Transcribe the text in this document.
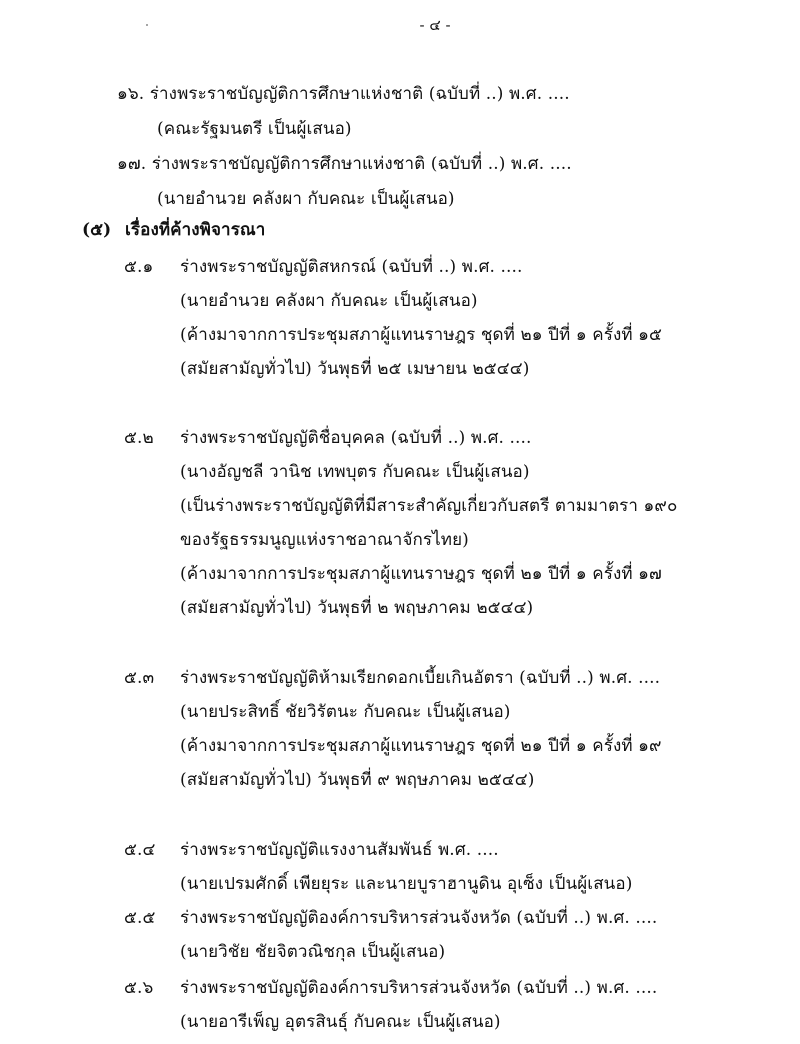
- ๔ -
๑๖. ร่างพระราชบัญญัติการศึกษาแห่งชาติ (ฉบับที่ ..) พ.ศ. ....
(คณะรัฐมนตรี เป็นผู้เสนอ)
๑๗. ร่างพระราชบัญญัติการศึกษาแห่งชาติ (ฉบับที่ ..) พ.ศ. ....
(นายอำนวย คลังผา กับคณะ เป็นผู้เสนอ)
(๕) เรื่องที่ค้างพิจารณา
๕.๑ ร่างพระราชบัญญัติสหกรณ์ (ฉบับที่ ..) พ.ศ. ....
(นายอำนวย คลังผา กับคณะ เป็นผู้เสนอ)
(ค้างมาจากการประชุมสภาผู้แทนราษฎร ชุดที่ ๒๑ ปีที่ ๑ ครั้งที่ ๑๕
(สมัยสามัญทั่วไป) วันพุธที่ ๒๕ เมษายน ๒๕๔๔)
๕.๒ ร่างพระราชบัญญัติชื่อบุคคล (ฉบับที่ ..) พ.ศ. ....
(นางอัญชลี วานิช เทพบุตร กับคณะ เป็นผู้เสนอ)
(เป็นร่างพระราชบัญญัติที่มีสาระสำคัญเกี่ยวกับสตรี ตามมาตรา ๑๙๐
ของรัฐธรรมนูญแห่งราชอาณาจักรไทย)
(ค้างมาจากการประชุมสภาผู้แทนราษฎร ชุดที่ ๒๑ ปีที่ ๑ ครั้งที่ ๑๗
(สมัยสามัญทั่วไป) วันพุธที่ ๒ พฤษภาคม ๒๕๔๔)
๕.๓ ร่างพระราชบัญญัติห้ามเรียกดอกเบี้ยเกินอัตรา (ฉบับที่ ..) พ.ศ. ....
(นายประสิทธิ์ ชัยวิรัตนะ กับคณะ เป็นผู้เสนอ)
(ค้างมาจากการประชุมสภาผู้แทนราษฎร ชุดที่ ๒๑ ปีที่ ๑ ครั้งที่ ๑๙
(สมัยสามัญทั่วไป) วันพุธที่ ๙ พฤษภาคม ๒๕๔๔)
๕.๔ ร่างพระราชบัญญัติแรงงานสัมพันธ์ พ.ศ. ....
(นายเปรมศักดิ์ เพียยุระ และนายบูราฮานูดิน อุเซ็ง เป็นผู้เสนอ)
๕.๕ ร่างพระราชบัญญัติองค์การบริหารส่วนจังหวัด (ฉบับที่ ..) พ.ศ. ....
(นายวิชัย ชัยจิตวณิชกุล เป็นผู้เสนอ)
๕.๖ ร่างพระราชบัญญัติองค์การบริหารส่วนจังหวัด (ฉบับที่ ..) พ.ศ. ....
(นายอารีเพ็ญ อุตรสินธุ์ กับคณะ เป็นผู้เสนอ)
